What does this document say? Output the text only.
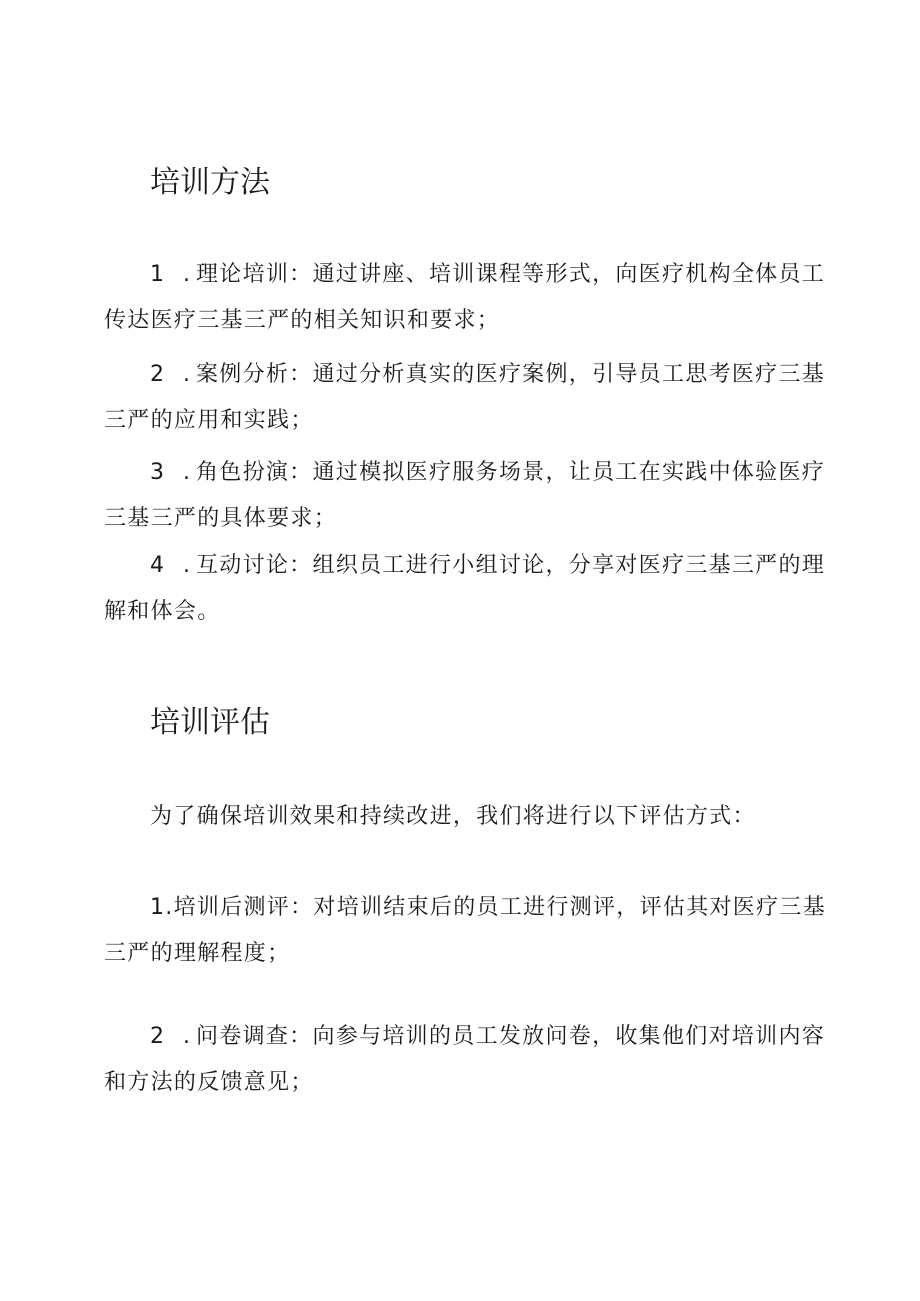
培训方法

1 .理论培训：通过讲座、培训课程等形式，向医疗机构全体员工传达医疗三基三严的相关知识和要求；

2 .案例分析：通过分析真实的医疗案例，引导员工思考医疗三基三严的应用和实践；

3 .角色扮演：通过模拟医疗服务场景，让员工在实践中体验医疗三基三严的具体要求；

4 .互动讨论：组织员工进行小组讨论，分享对医疗三基三严的理解和体会。

培训评估

为了确保培训效果和持续改进，我们将进行以下评估方式：

1.培训后测评：对培训结束后的员工进行测评，评估其对医疗三基三严的理解程度；

2 .问卷调查：向参与培训的员工发放问卷，收集他们对培训内容和方法的反馈意见；
